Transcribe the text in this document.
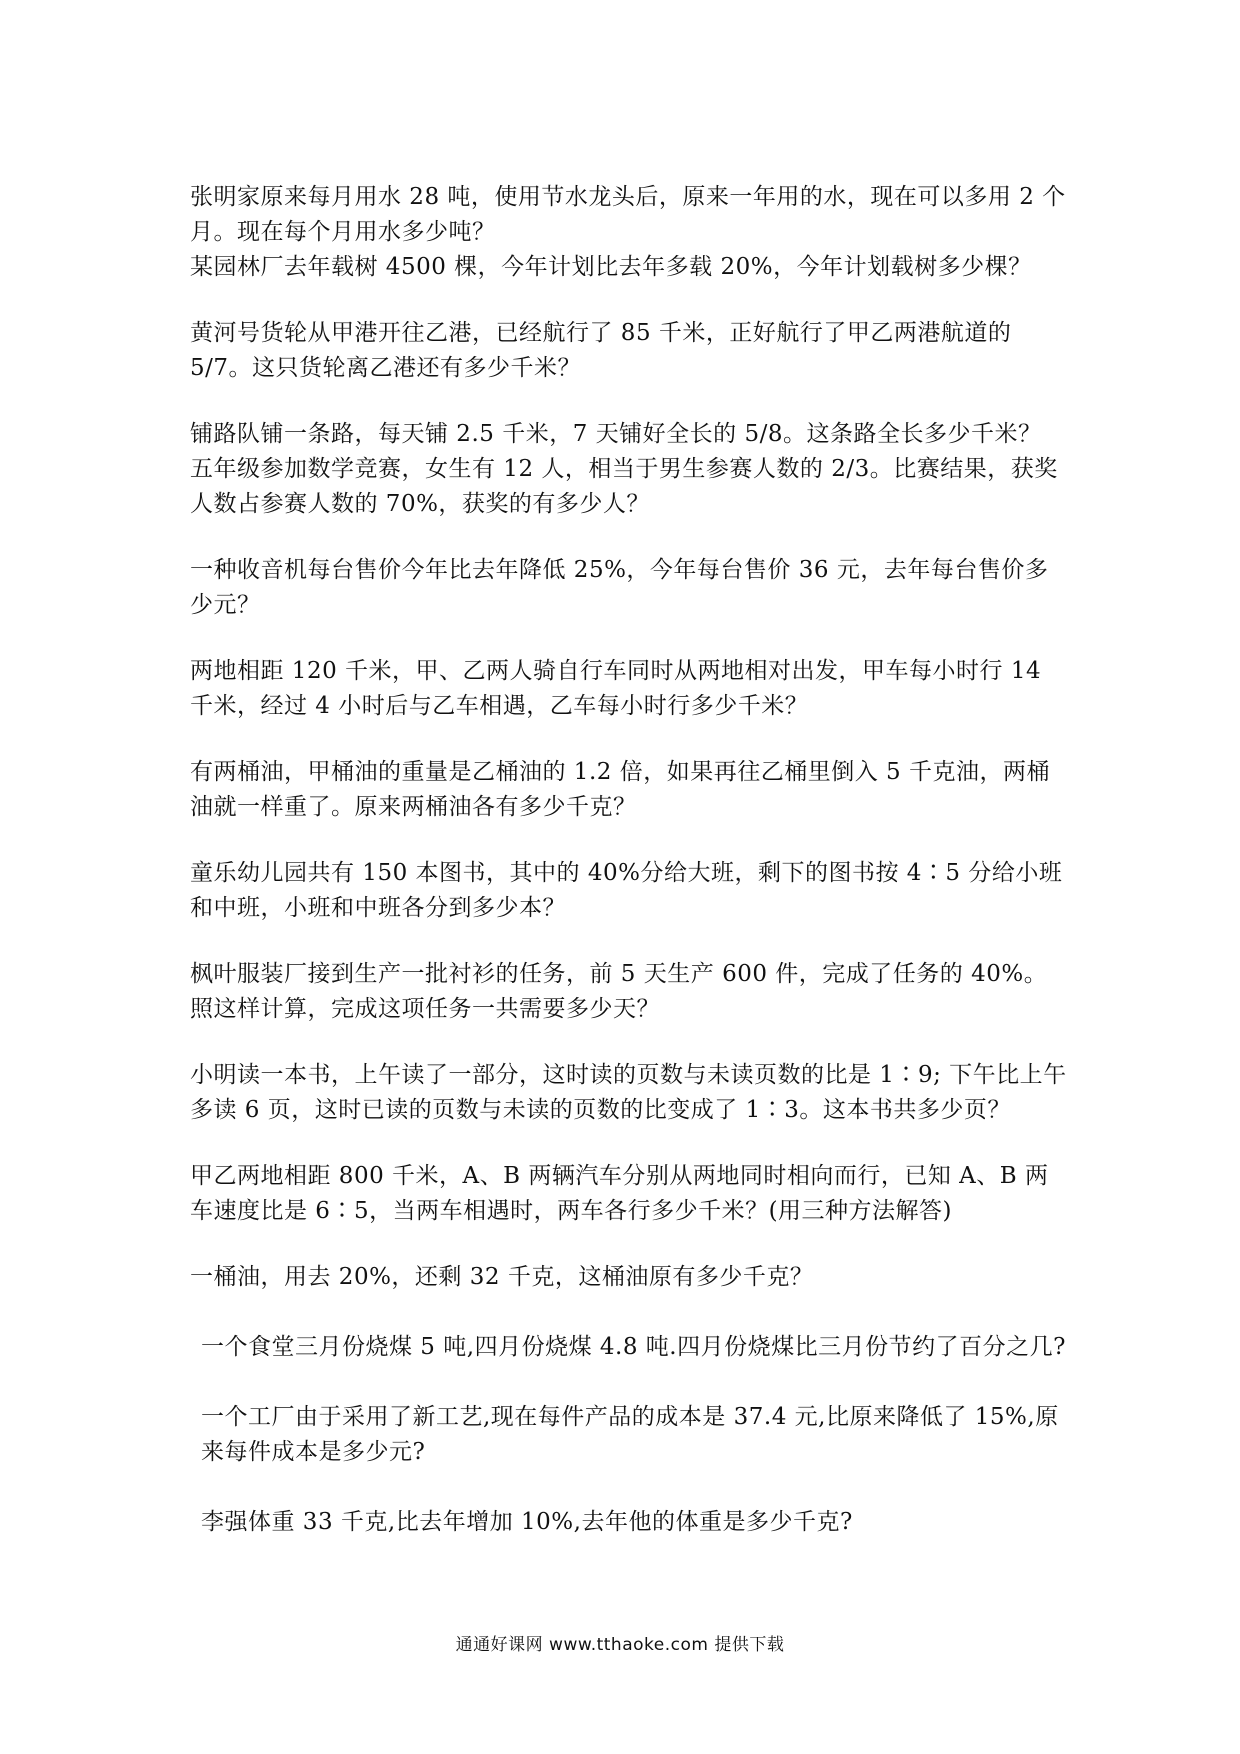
张明家原来每月用水 28 吨，使用节水龙头后，原来一年用的水，现在可以多用 2 个月。现在每个月用水多少吨？

某园林厂去年载树 4500 棵，今年计划比去年多载 20%，今年计划载树多少棵？

黄河号货轮从甲港开往乙港，已经航行了 85 千米，正好航行了甲乙两港航道的 5/7。这只货轮离乙港还有多少千米？

铺路队铺一条路，每天铺 2.5 千米，7 天铺好全长的 5/8。这条路全长多少千米？

五年级参加数学竞赛，女生有 12 人，相当于男生参赛人数的 2/3。比赛结果，获奖人数占参赛人数的 70%，获奖的有多少人？

一种收音机每台售价今年比去年降低 25%，今年每台售价 36 元，去年每台售价多少元？

两地相距 120 千米，甲、乙两人骑自行车同时从两地相对出发，甲车每小时行 14 千米，经过 4 小时后与乙车相遇，乙车每小时行多少千米？

有两桶油，甲桶油的重量是乙桶油的 1.2 倍，如果再往乙桶里倒入 5 千克油，两桶油就一样重了。原来两桶油各有多少千克？

童乐幼儿园共有 150 本图书，其中的 40%分给大班，剩下的图书按 4∶5 分给小班和中班，小班和中班各分到多少本？

枫叶服装厂接到生产一批衬衫的任务，前 5 天生产 600 件，完成了任务的 40%。照这样计算，完成这项任务一共需要多少天？

小明读一本书，上午读了一部分，这时读的页数与未读页数的比是 1∶9; 下午比上午多读 6 页，这时已读的页数与未读的页数的比变成了 1∶3。这本书共多少页？

甲乙两地相距 800 千米，A、B 两辆汽车分别从两地同时相向而行，已知 A、B 两车速度比是 6∶5，当两车相遇时，两车各行多少千米？(用三种方法解答)

一桶油，用去 20%，还剩 32 千克，这桶油原有多少千克？

一个食堂三月份烧煤 5 吨,四月份烧煤 4.8 吨.四月份烧煤比三月份节约了百分之几?

一个工厂由于采用了新工艺,现在每件产品的成本是 37.4 元,比原来降低了 15%,原来每件成本是多少元?

李强体重 33 千克,比去年增加 10%,去年他的体重是多少千克?

通通好课网 www.tthaoke.com 提供下载
